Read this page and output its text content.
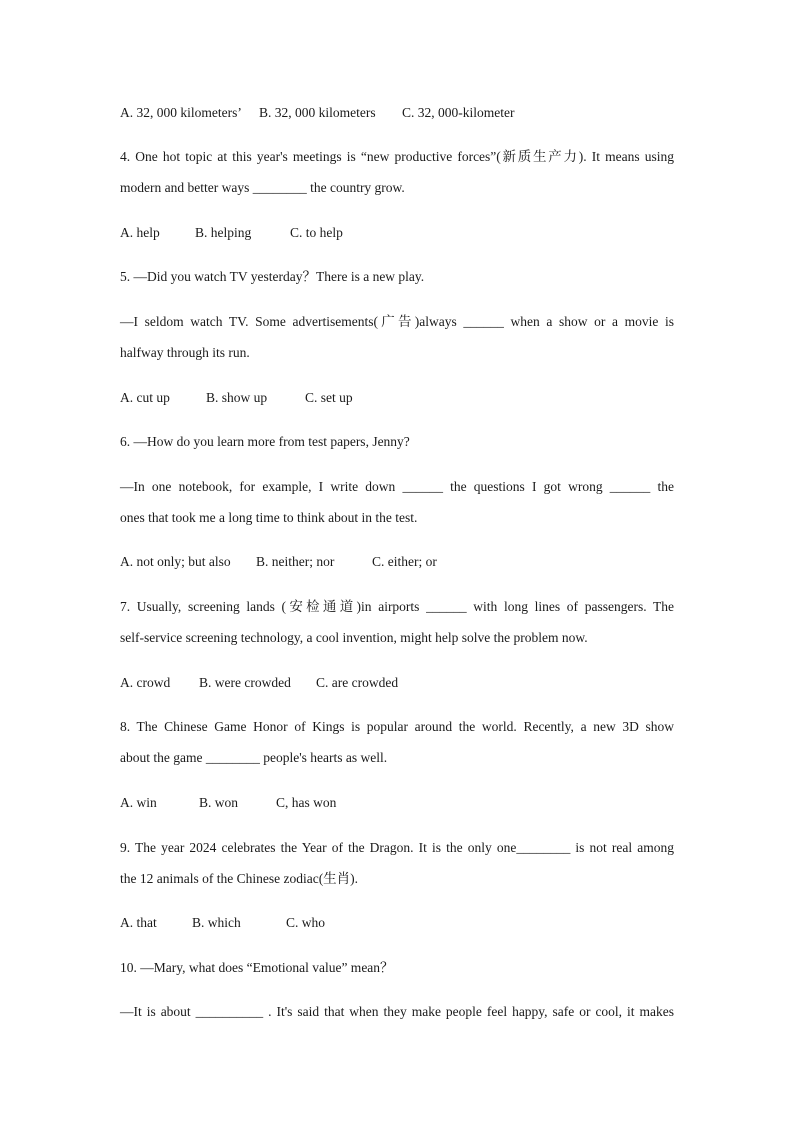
A. 32, 000 kilometers’ B. 32, 000 kilometers C. 32, 000-kilometer
4. One hot topic at this year's meetings is “new productive forces”(新质生产力). It means using
modern and better ways ________ the country grow.
A. help	B. helping	C. to help
5. —Did you watch TV yesterday？There is a new play.
—I seldom watch TV. Some advertisements(广告)always ______ when a show or a movie is
halfway through its run.
A. cut up	B. show up	C. set up
6. —How do you learn more from test papers, Jenny?
—In one notebook, for example, I write down ______ the questions I got wrong ______ the
ones that took me a long time to think about in the test.
A. not only; but also B. neither; nor	C. either; or
7. Usually, screening lands (安检通道)in airports ______ with long lines of passengers. The
self-service screening technology, a cool invention, might help solve the problem now.
A. crowd B. were crowded C. are crowded
8. The Chinese Game Honor of Kings is popular around the world. Recently, a new 3D show
about the game ________ people's hearts as well.
A. win	B. won	C, has won
9. The year 2024 celebrates the Year of the Dragon. It is the only one________ is not real among
the 12 animals of the Chinese zodiac(生肖).
A. that	B. which	C. who
10. —Mary, what does “Emotional value” mean？
—It is about __________ . It's said that when they make people feel happy, safe or cool, it makes
